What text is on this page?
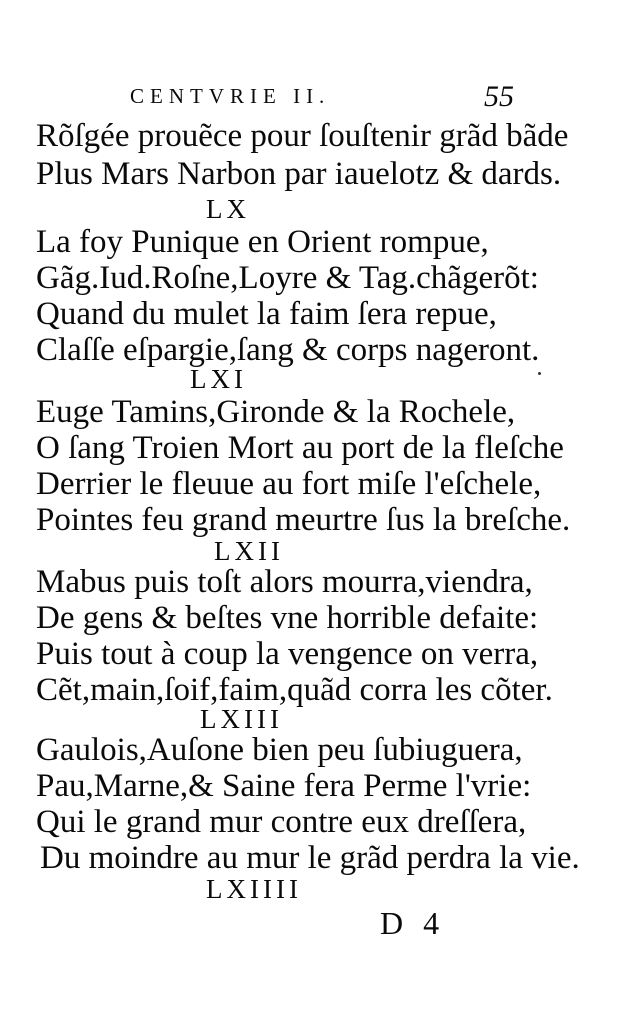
CENTVRIE II.	55
Rõſgée prouẽce pour ſouſtenir grãd bãde
Plus Mars Narbon par iauelotz & dards.
LX
La foy Punique en Orient rompue,
Gãg.Iud.Roſne,Loyre & Tag.chãgerõt:
Quand du mulet la faim ſera repue,
Claſſe eſpargie,ſang & corps nageront.
LXI
Euge Tamins,Gironde & la Rochele,
O ſang Troien Mort au port de la fleſche
Derrier le fleuue au fort miſe l'eſchele,
Pointes feu grand meurtre ſus la breſche.
LXII
Mabus puis toſt alors mourra,viendra,
De gens & beſtes vne horrible defaite:
Puis tout à coup la vengence on verra,
Cẽt,main,ſoif,faim,quãd corra les cõter.
LXIII
Gaulois,Auſone bien peu ſubiuguera,
Pau,Marne,& Saine fera Perme l'vrie:
Qui le grand mur contre eux dreſſera,
Du moindre au mur le grãd perdra la vie.
LXIIII
D 4
